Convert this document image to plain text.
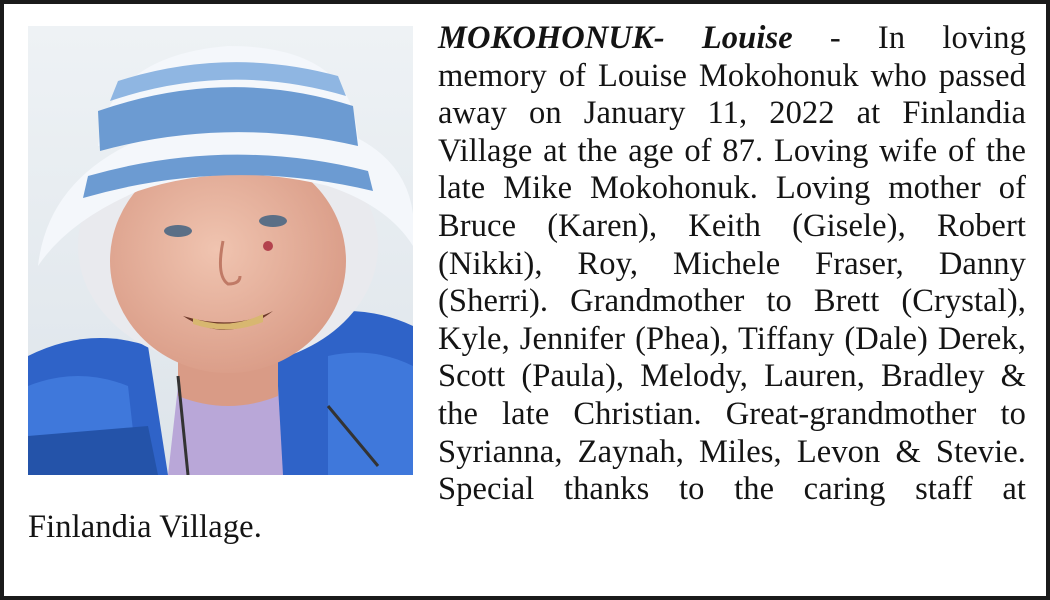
MOKOHONUK- Louise - In loving memory of Louise Mokohonuk who passed away on January 11, 2022 at Finlandia Village at the age of 87. Loving wife of the late Mike Mokohonuk. Loving mother of Bruce (Karen), Keith (Gisele), Robert (Nikki), Roy, Michele Fraser, Danny (Sherri). Grandmother to Brett (Crystal), Kyle, Jennifer (Phea), Tiffany (Dale) Derek, Scott (Paula), Melody, Lauren, Bradley & the late Christian. Great-grandmother to Syrianna, Zaynah, Miles, Levon & Stevie. Special thanks to the caring staff at Finlandia Village.
